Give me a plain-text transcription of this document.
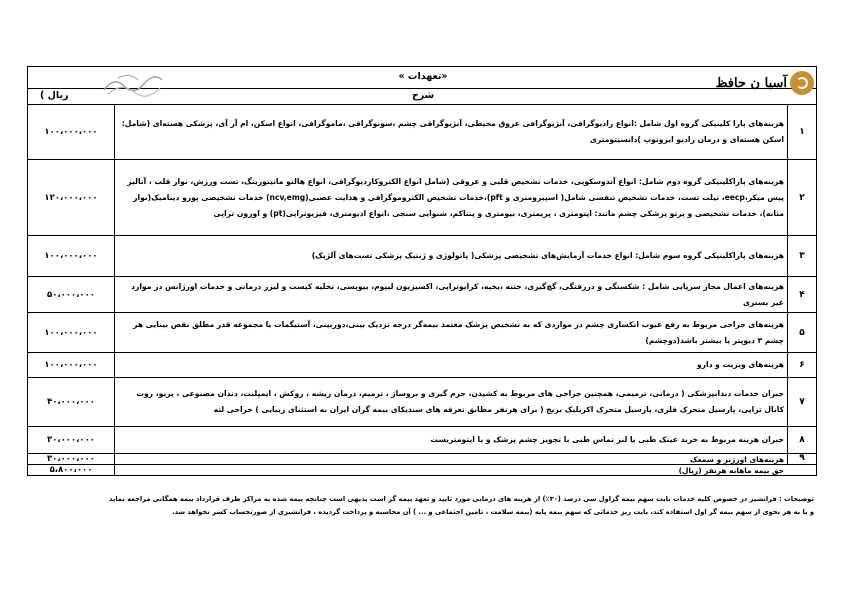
« تعهدات»	آسیا ن حافظ
( ریال	شرح
۱
هزینه‌های پارا کلینیکی گروه اول شامل :انواع رادیوگرافی، آنژیوگرافی عروق محیطی، آنژیوگرافی چشم ،سونوگرافی ،ماموگرافی، انواع اسکن، ام آر آی، پزشکی هسته‌ای (شامل: اسکن هسته‌ای و درمان رادیو ایزوتوپ )دانسیتومتری
۱۰۰،۰۰۰،۰۰۰
۲
هزینه‌های پاراکلینیکی گروه دوم شامل: انواع آندوسکوپی، خدمات تشخیص قلبی و عروقی (شامل انواع الکتروکاردیوگرافی، انواع هالتو مانیتورینگ، تست ورزش، نوار قلب ، آنالیز پیس میکر،eecp، تیلت تست، خدمات تشخیص تنفسی شامل( اسپیرومتری و pft)،خدمات تشخیص الکتروموگرافی و هدایت عصبی(ncv,emg) خدمات تشخیصی پورو دینامیک(نوار مثانه)، خدمات تشخیصی و پرتو پزشکی چشم مانند: اپتومتری ، پریمتری، بیومتری و پنتاکم، شنوایی سنجی ،انواع ادیومتری، فیزیوتراپی(pt) و اوزون تراپی
۱۲۰،۰۰۰،۰۰۰
۳
هزینه‌های پاراکلینیکی گروه سوم شامل: انواع خدمات آزمایش‌های تشخیصی پزشکی( پاتولوژی و ژنتیک پزشکی تست‌های آلژیک)
۱۰۰،۰۰۰،۰۰۰
۴
هزینه‌های اعمال مجاز سرپایی شامل : شکستگی و دررفتگی، گچ‌گیری، ختنه ،بخیه، کرایوتراپی، اکسیزیون لیپوم، بیوپسی، تخلیه کیست و لیزر درمانی و خدمات اورژانس در موارد غیر بستری
۵۰،۰۰۰،۰۰۰
۵
هزینه‌های جراحی مربوط به رفع عیوب انکساری چشم در مواردی که به تشخیص پزشک معتمد بیمه‌گر درجه نزدیک بینی،دوربینی، آستیگمات یا مجموعه قدر مطلق نقص بینایی هر چشم ۳ دیوپتر یا بیشتر باشد(دوچشم)
۱۰۰،۰۰۰،۰۰۰
۶
هزینه‌های ویزیت و دارو
۱۰۰،۰۰۰،۰۰۰
۷
جبران خدمات دندانپزشکی ( درمانی، ترمیمی، همچنین جراحی های مربوط به کشیدن، جرم گیری و بروساژ ، ترمیم، درمان ریشه ، روکش ، ایمپلنت، دندان مصنوعی ، پریو، روت کانال تراپی، پارسیل متحرک فلزی، پارسیل متحرک اکریلیک بریج ( برای هرنفر مطابق تعرفه های سندیکای بیمه گران ایران به استثنای زیبایی ) جراحی لثه
۴۰،۰۰۰،۰۰۰
۸
جبران هزینه مربوط به خرید عینک طبی یا لنز تماس طبی با تجویز چشم پزشک و یا اپتومتریست
۳۰،۰۰۰،۰۰۰
۹
هزینه‌های اورژنز و سمعک
۳۰،۰۰۰،۰۰۰
حق بیمه ماهانه هرنفر (ریال)
۵،۸۰۰،۰۰۰
توضیحات : فرانشیز در خصوص کلیه خدمات بابت سهم بیمه گزاول سی درصد (۳۰٪) از هزینه های درمانی مورد تایید و تعهد بیمه گر است بدیهی است چنانچه بیمه شده به مراکز طرف قرارداد بیمه همگانی مراجعه نماید
و یا به هر نحوی از سهم بیمه گر اول استفاده کند، بابت ریز خدماتی که سهم بیمه پایه (بیمه سلامت ، تامین اجتماعی و ... ) آن محاسبه و پرداخت گردیده ، فرانشیزی از صورتحساب کسر نخواهد شد.
